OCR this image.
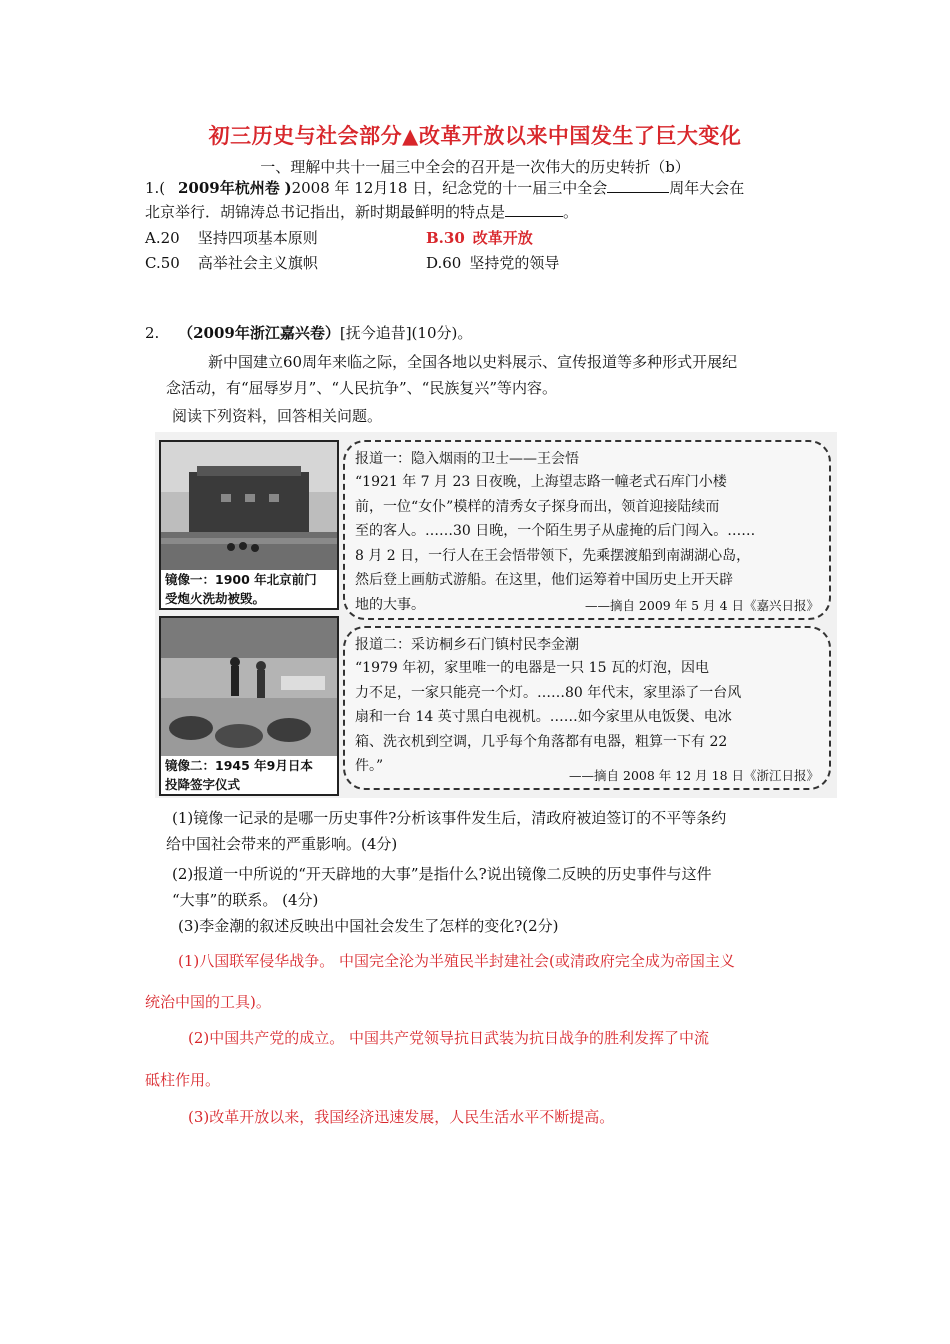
初三历史与社会部分▲改革开放以来中国发生了巨大变化
一、理解中共十一届三中全会的召开是一次伟大的历史转折（b）
1.( 2009年杭州卷 )2008 年 12月18 日，纪念党的十一届三中全会	周年大会在
北京举行．胡锦涛总书记指出，新时期最鲜明的特点是	。
A.20 坚持四项基本原则	B.30 改革开放
C.50 高举社会主义旗帜	D.60 坚持党的领导
2. （2009年浙江嘉兴卷）[抚今追昔](10分)。
新中国建立60周年来临之际，全国各地以史料展示、宣传报道等多种形式开展纪
念活动，有“屈辱岁月”、“人民抗争”、“民族复兴”等内容。
阅读下列资料，回答相关问题。
镜像一：1900 年北京前门
受炮火洗劫被毁。
镜像二：1945 年9月日本
投降签字仪式
报道一：隐入烟雨的卫士——王会悟
“1921 年 7 月 23 日夜晚，上海望志路一幢老式石库门小楼
前，一位“女仆”模样的清秀女子探身而出，领首迎接陆续而
至的客人。……30 日晚，一个陌生男子从虚掩的后门闯入。……
8 月 2 日，一行人在王会悟带领下，先乘摆渡船到南湖湖心岛，
然后登上画舫式游船。在这里，他们运筹着中国历史上开天辟
地的大事。	——摘自 2009 年 5 月 4 日《嘉兴日报》
报道二：采访桐乡石门镇村民李金潮
“1979 年初，家里唯一的电器是一只 15 瓦的灯泡，因电
力不足，一家只能亮一个灯。……80 年代末，家里添了一台风
扇和一台 14 英寸黑白电视机。……如今家里从电饭煲、电冰
箱、洗衣机到空调，几乎每个角落都有电器，粗算一下有 22
件。”
——摘自 2008 年 12 月 18 日《浙江日报》
(1)镜像一记录的是哪一历史事件?分析该事件发生后，清政府被迫签订的不平等条约
给中国社会带来的严重影响。(4分)
(2)报道一中所说的“开天辟地的大事”是指什么?说出镜像二反映的历史事件与这件
“大事”的联系。 (4分)
(3)李金潮的叙述反映出中国社会发生了怎样的变化?(2分)
(1)八国联军侵华战争。 中国完全沦为半殖民半封建社会(或清政府完全成为帝国主义
统治中国的工具)。
(2)中国共产党的成立。 中国共产党领导抗日武装为抗日战争的胜利发挥了中流
砥柱作用。
(3)改革开放以来，我国经济迅速发展，人民生活水平不断提高。
